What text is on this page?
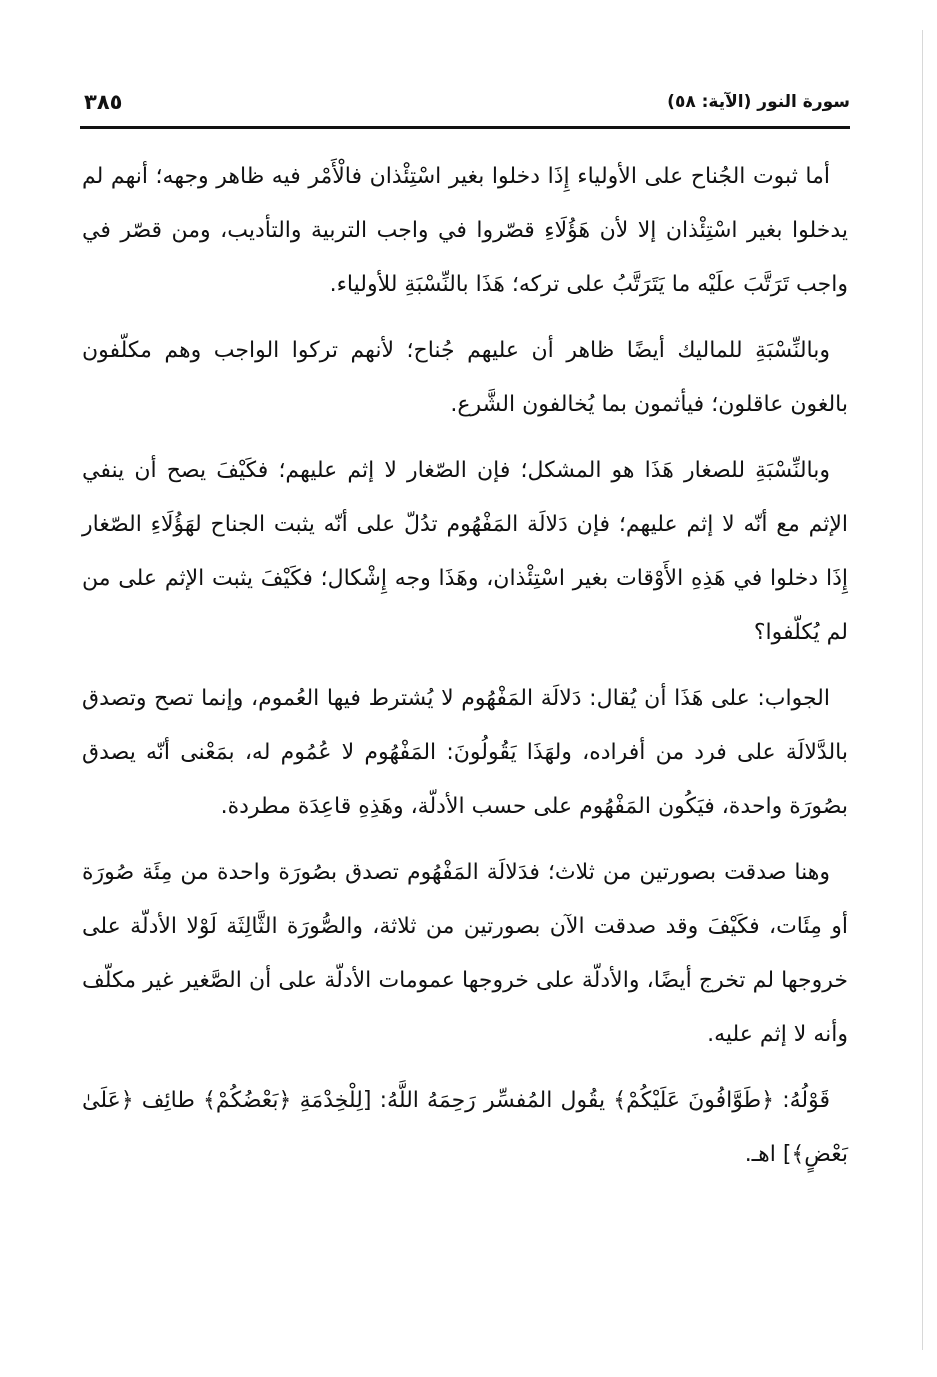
سورة النور (الآية: ٥٨)
٣٨٥

أما ثبوت الجُناح على الأولياء إِذَا دخلوا بغير اسْتِئْذان فالْأَمْر فيه ظاهر وجهه؛ أنهم لم يدخلوا بغير اسْتِئْذان إلا لأن هَؤُلَاءِ قصّروا في واجب التربية والتأديب، ومن قصّر في واجب تَرَتَّبَ علَيْه ما يَتَرَتَّبُ على تركه؛ هَذَا بالنِّسْبَةِ للأولياء.

وبالنِّسْبَةِ للماليك أيضًا ظاهر أن عليهم جُناح؛ لأنهم تركوا الواجب وهم مكلّفون بالغون عاقلون؛ فيأثمون بما يُخالفون الشَّرع.

وبالنِّسْبَةِ للصغار هَذَا هو المشكل؛ فإن الصّغار لا إثم عليهم؛ فكَيْفَ يصح أن ينفي الإثم مع أنّه لا إثم عليهم؛ فإن دَلالَة المَفْهُوم تدُلّ على أنّه يثبت الجناح لهَؤُلَاءِ الصّغار إِذَا دخلوا في هَذِهِ الأَوْقات بغير اسْتِئْذان، وهَذَا وجه إِشْكال؛ فكَيْفَ يثبت الإثم على من لم يُكلّفوا؟

الجواب: على هَذَا أن يُقال: دَلالَة المَفْهُوم لا يُشترط فيها العُموم، وإنما تصح وتصدق بالدَّلالَة على فرد من أفراده، ولهَذَا يَقُولُونَ: المَفْهُوم لا عُمُوم له، بمَعْنى أنّه يصدق بصُورَة واحدة، فيَكُون المَفْهُوم على حسب الأدلّة، وهَذِهِ قاعِدَة مطردة.

وهنا صدقت بصورتين من ثلاث؛ فدَلالَة المَفْهُوم تصدق بصُورَة واحدة من مِئَة صُورَة أو مِئَات، فكَيْفَ وقد صدقت الآن بصورتين من ثلاثة، والصُّورَة الثَّالِثَة لَوْلا الأدلّة على خروجها لم تخرج أيضًا، والأدلّة على خروجها عمومات الأدلّة على أن الصَّغير غير مكلّف وأنه لا إثم عليه.

قَوْلُهُ: ﴿طَوَّافُونَ عَلَيْكُمْ﴾ يقُول المُفسِّر رَحِمَهُ اللَّهُ: [لِلْخِدْمَةِ ﴿بَعْضُكُمْ﴾ طائِف ﴿عَلَىٰ بَعْضٍ﴾] اهـ.
